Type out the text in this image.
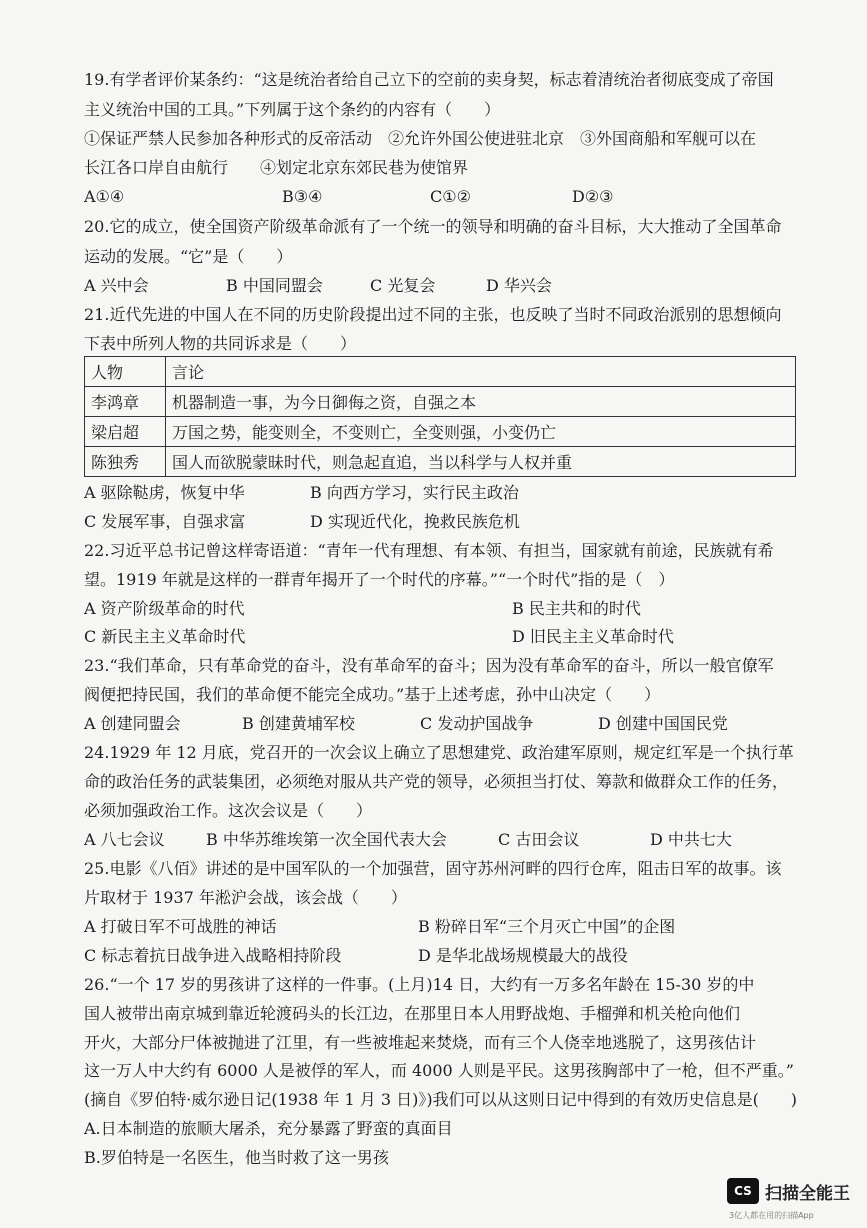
19.有学者评价某条约：“这是统治者给自己立下的空前的卖身契，标志着清统治者彻底变成了帝国
主义统治中国的工具。”下列属于这个条约的内容有（　　）
①保证严禁人民参加各种形式的反帝活动　②允许外国公使进驻北京　③外国商船和军舰可以在
长江各口岸自由航行　　④划定北京东郊民巷为使馆界
A①④	B③④	C①②	D②③
20.它的成立，使全国资产阶级革命派有了一个统一的领导和明确的奋斗目标，大大推动了全国革命
运动的发展。“它”是（　　）
A 兴中会	B 中国同盟会	C 光复会	D 华兴会
21.近代先进的中国人在不同的历史阶段提出过不同的主张，也反映了当时不同政治派别的思想倾向
下表中所列人物的共同诉求是（　　）
人物	言论
李鸿章	机器制造一事，为今日御侮之资，自强之本
梁启超	万国之势，能变则全，不变则亡，全变则强，小变仍亡
陈独秀	国人而欲脱蒙昧时代，则急起直追，当以科学与人权并重
A 驱除鞑虏，恢复中华	B 向西方学习，实行民主政治
C 发展军事，自强求富	D 实现近代化，挽救民族危机
22.习近平总书记曾这样寄语道：“青年一代有理想、有本领、有担当，国家就有前途，民族就有希
望。1919 年就是这样的一群青年揭开了一个时代的序幕。”“一个时代”指的是（　）
A 资产阶级革命的时代	B 民主共和的时代
C 新民主主义革命时代	D 旧民主主义革命时代
23.“我们革命，只有革命党的奋斗，没有革命军的奋斗；因为没有革命军的奋斗，所以一般官僚军
阀便把持民国，我们的革命便不能完全成功。”基于上述考虑，孙中山决定（　　）
A 创建同盟会	B 创建黄埔军校	C 发动护国战争	D 创建中国国民党
24.1929 年 12 月底，党召开的一次会议上确立了思想建党、政治建军原则，规定红军是一个执行革
命的政治任务的武装集团，必须绝对服从共产党的领导，必须担当打仗、筹款和做群众工作的任务，
必须加强政治工作。这次会议是（　　）
A 八七会议	B 中华苏维埃第一次全国代表大会	C 古田会议	D 中共七大
25.电影《八佰》讲述的是中国军队的一个加强营，固守苏州河畔的四行仓库，阻击日军的故事。该
片取材于 1937 年淞沪会战，该会战（　　）
A 打破日军不可战胜的神话	B 粉碎日军“三个月灭亡中国”的企图
C 标志着抗日战争进入战略相持阶段	D 是华北战场规模最大的战役
26.“一个 17 岁的男孩讲了这样的一件事。(上月)14 日，大约有一万多名年龄在 15-30 岁的中
国人被带出南京城到靠近轮渡码头的长江边，在那里日本人用野战炮、手榴弹和机关枪向他们
开火，大部分尸体被抛进了江里，有一些被堆起来焚烧，而有三个人侥幸地逃脱了，这男孩估计
这一万人中大约有 6000 人是被俘的军人，而 4000 人则是平民。这男孩胸部中了一枪，但不严重。”
(摘自《罗伯特·威尔逊日记(1938 年 1 月 3 日)》)我们可以从这则日记中得到的有效历史信息是(　　)
A.日本制造的旅顺大屠杀，充分暴露了野蛮的真面目
B.罗伯特是一名医生，他当时救了这一男孩
CS 扫描全能王
3亿人都在用的扫描App
